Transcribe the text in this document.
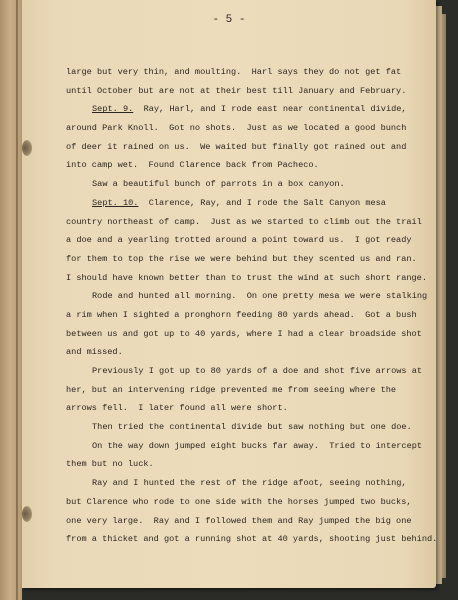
- 5 -
large but very thin, and moulting.  Harl says they do not get fat
until October but are not at their best till January and February.
Sept. 9.  Ray, Harl, and I rode east near continental divide,
around Park Knoll.  Got no shots.  Just as we located a good bunch
of deer it rained on us.  We waited but finally got rained out and
into camp wet.  Found Clarence back from Pacheco.
Saw a beautiful bunch of parrots in a box canyon.
Sept. 10.  Clarence, Ray, and I rode the Salt Canyon mesa
country northeast of camp.  Just as we started to climb out the trail
a doe and a yearling trotted around a point toward us.  I got ready
for them to top the rise we were behind but they scented us and ran.
I should have known better than to trust the wind at such short range.
Rode and hunted all morning.  On one pretty mesa we were stalking
a rim when I sighted a pronghorn feeding 80 yards ahead.  Got a bush
between us and got up to 40 yards, where I had a clear broadside shot
and missed.
Previously I got up to 80 yards of a doe and shot five arrows at
her, but an intervening ridge prevented me from seeing where the
arrows fell.  I later found all were short.
Then tried the continental divide but saw nothing but one doe.
On the way down jumped eight bucks far away.  Tried to intercept
them but no luck.
Ray and I hunted the rest of the ridge afoot, seeing nothing,
but Clarence who rode to one side with the horses jumped two bucks,
one very large.  Ray and I followed them and Ray jumped the big one
from a thicket and got a running shot at 40 yards, shooting just behind.
